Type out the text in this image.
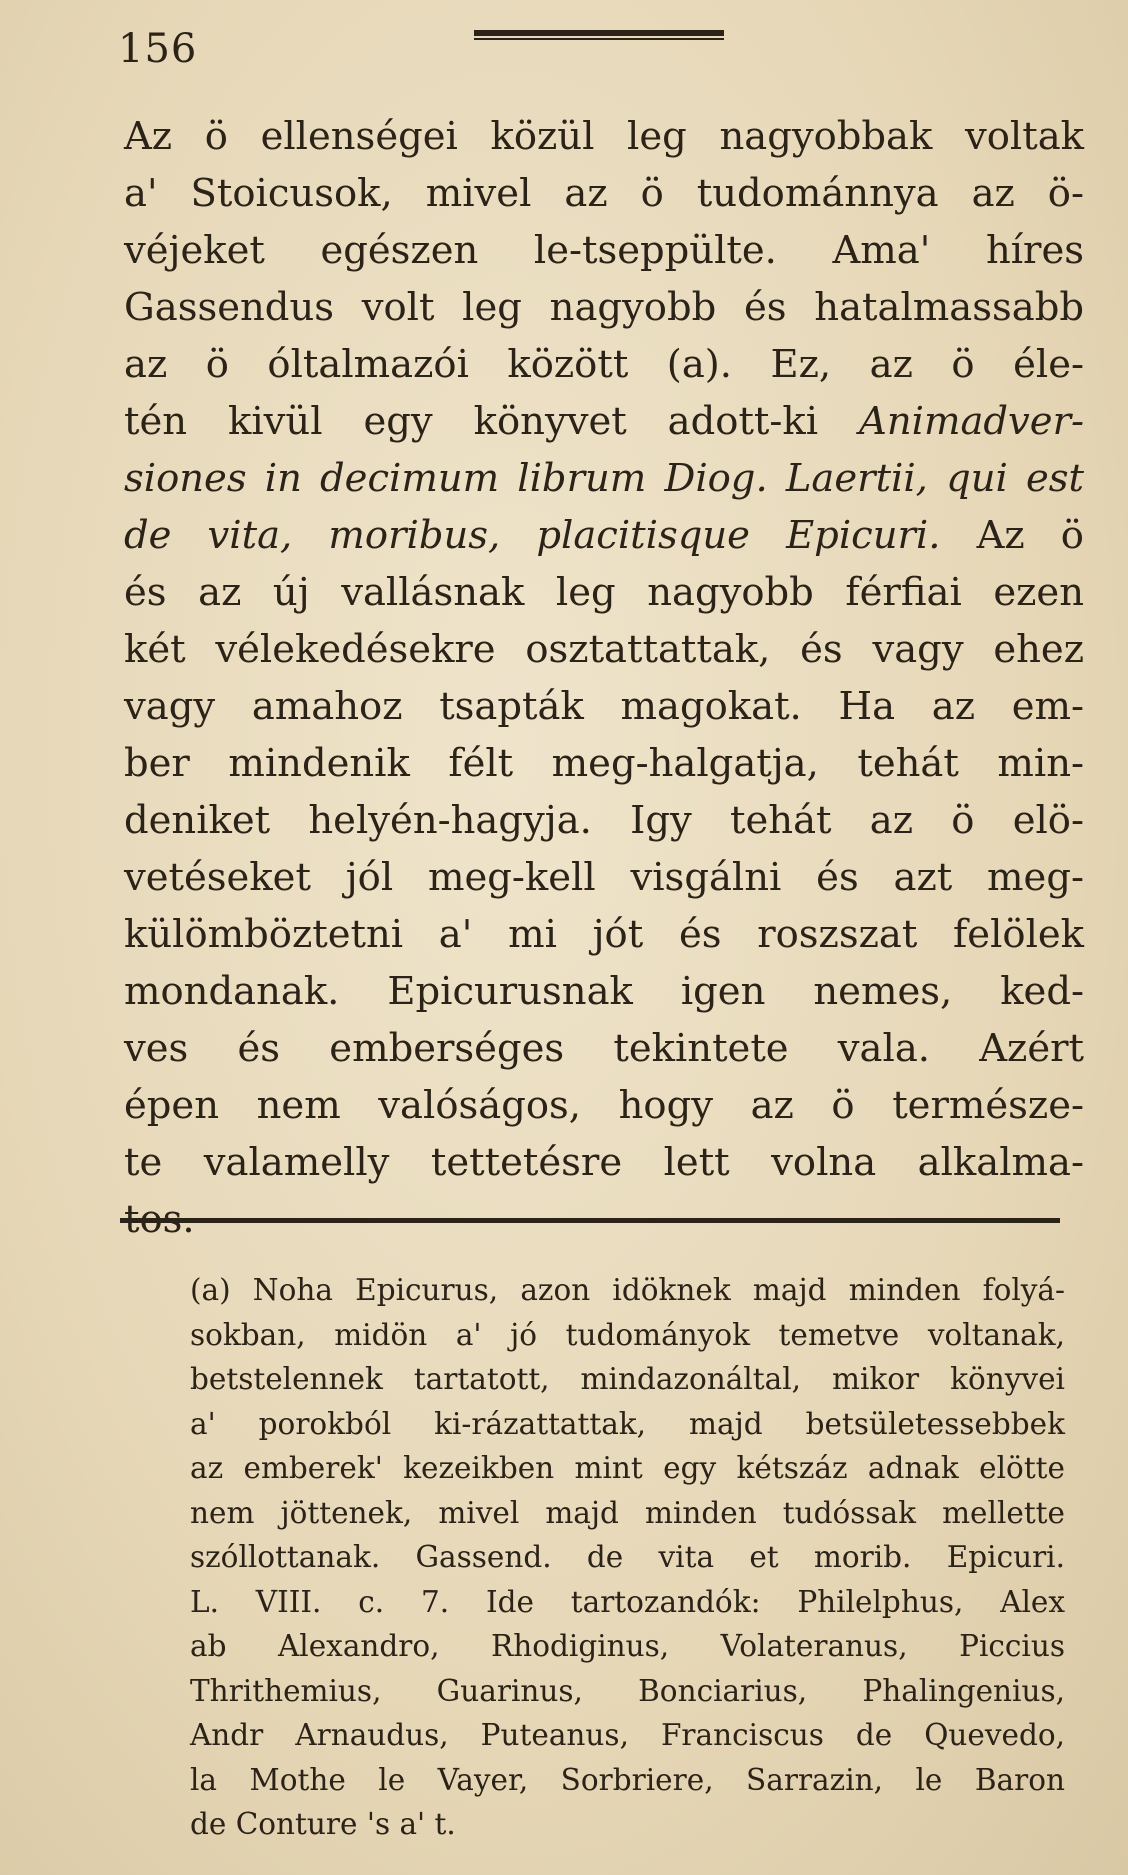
156
Az ö ellenségei közül leg nagyobbak voltak
a' Stoicusok, mivel az ö tudománnya az ö-
véjeket egészen le-tseppülte. Ama' híres
Gassendus volt leg nagyobb és hatalmassabb
az ö óltalmazói között (a). Ez, az ö éle-
tén kivül egy könyvet adott-ki Animadver-
siones in decimum librum Diog. Laertii, qui est
de vita, moribus, placitisque Epicuri. Az ö
és az új vallásnak leg nagyobb férfiai ezen
két vélekedésekre osztattattak, és vagy ehez
vagy amahoz tsapták magokat. Ha az em-
ber mindenik félt meg-halgatja, tehát min-
deniket helyén-hagyja. Igy tehát az ö elö-
vetéseket jól meg-kell visgálni és azt meg-
külömböztetni a' mi jót és roszszat felölek
mondanak. Epicurusnak igen nemes, ked-
ves és emberséges tekintete vala. Azért
épen nem valóságos, hogy az ö természe-
te valamelly tettetésre lett volna alkalma-
tos.
(a) Noha Epicurus, azon idöknek majd minden folyá-
sokban, midön a' jó tudományok temetve voltanak,
betstelennek tartatott, mindazonáltal, mikor könyvei
a' porokból ki-rázattattak, majd betsületessebbek
az emberek' kezeikben mint egy kétszáz adnak elötte
nem jöttenek, mivel majd minden tudóssak mellette
szóllottanak. Gassend. de vita et morib. Epicuri.
L. VIII. c. 7. Ide tartozandók: Philelphus, Alex
ab Alexandro, Rhodiginus, Volateranus, Piccius
Thrithemius, Guarinus, Bonciarius, Phalingenius,
Andr Arnaudus, Puteanus, Franciscus de Quevedo,
la Mothe le Vayer, Sorbriere, Sarrazin, le Baron
de Conture 's a' t.
